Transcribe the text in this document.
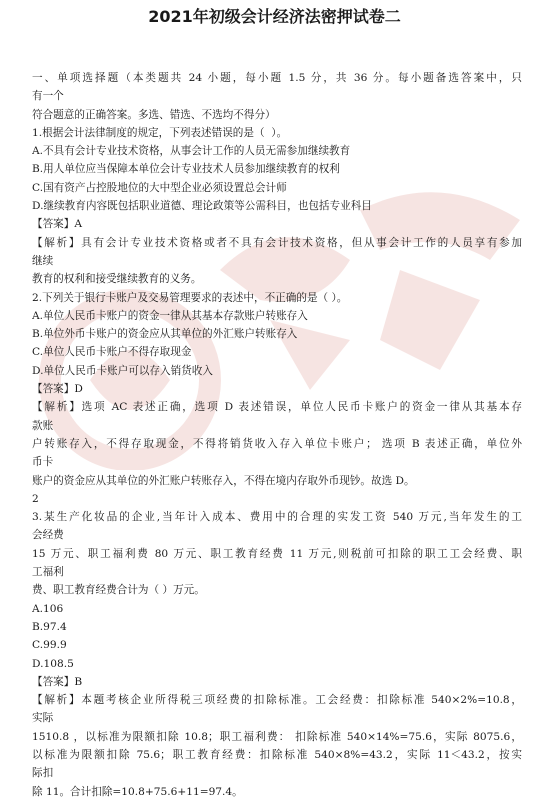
2021年初级会计经济法密押试卷二
一、单项选择题（本类题共 24 小题，每小题 1.5 分，共 36 分。每小题备选答案中，只
有一个
符合题意的正确答案。多选、错选、不选均不得分）
1.根据会计法律制度的规定，下列表述错误的是（  ）。
A.不具有会计专业技术资格，从事会计工作的人员无需参加继续教育
B.用人单位应当保障本单位会计专业技术人员参加继续教育的权利
C.国有资产占控股地位的大中型企业必须设置总会计师
D.继续教育内容既包括职业道德、理论政策等公需科目，也包括专业科目
【答案】A
【解析】具有会计专业技术资格或者不具有会计技术资格，但从事会计工作的人员享有参加
继续
教育的权利和接受继续教育的义务。
2.下列关于银行卡账户及交易管理要求的表述中，不正确的是（ ）。
A.单位人民币卡账户的资金一律从其基本存款账户转账存入
B.单位外币卡账户的资金应从其单位的外汇账户转账存入
C.单位人民币卡账户不得存取现金
D.单位人民币卡账户可以存入销货收入
【答案】D
【解析】选项 AC 表述正确，选项 D 表述错误，单位人民币卡账户的资金一律从其基本存
款账
户转账存入，不得存取现金，不得将销货收入存入单位卡账户； 选项 B 表述正确，单位外
币卡
账户的资金应从其单位的外汇账户转账存入，不得在境内存取外币现钞。故选 D。
2
3.某生产化妆品的企业,当年计入成本、费用中的合理的实发工资 540 万元,当年发生的工
会经费
15 万元、职工福利费 80 万元、职工教育经费 11 万元,则税前可扣除的职工工会经费、职
工福利
费、职工教育经费合计为（ ）万元。
A.106
B.97.4
C.99.9
D.108.5
【答案】B
【解析】本题考核企业所得税三项经费的扣除标准。工会经费：扣除标准 540×2%=10.8，
实际
1510.8 ，以标准为限额扣除 10.8；职工福利费： 扣除标准 540×14%=75.6，实际 8075.6，
以标准为限额扣除 75.6；职工教育经费：扣除标准 540×8%=43.2，实际 11＜43.2，按实
际扣
除 11。合计扣除=10.8+75.6+11=97.4。
